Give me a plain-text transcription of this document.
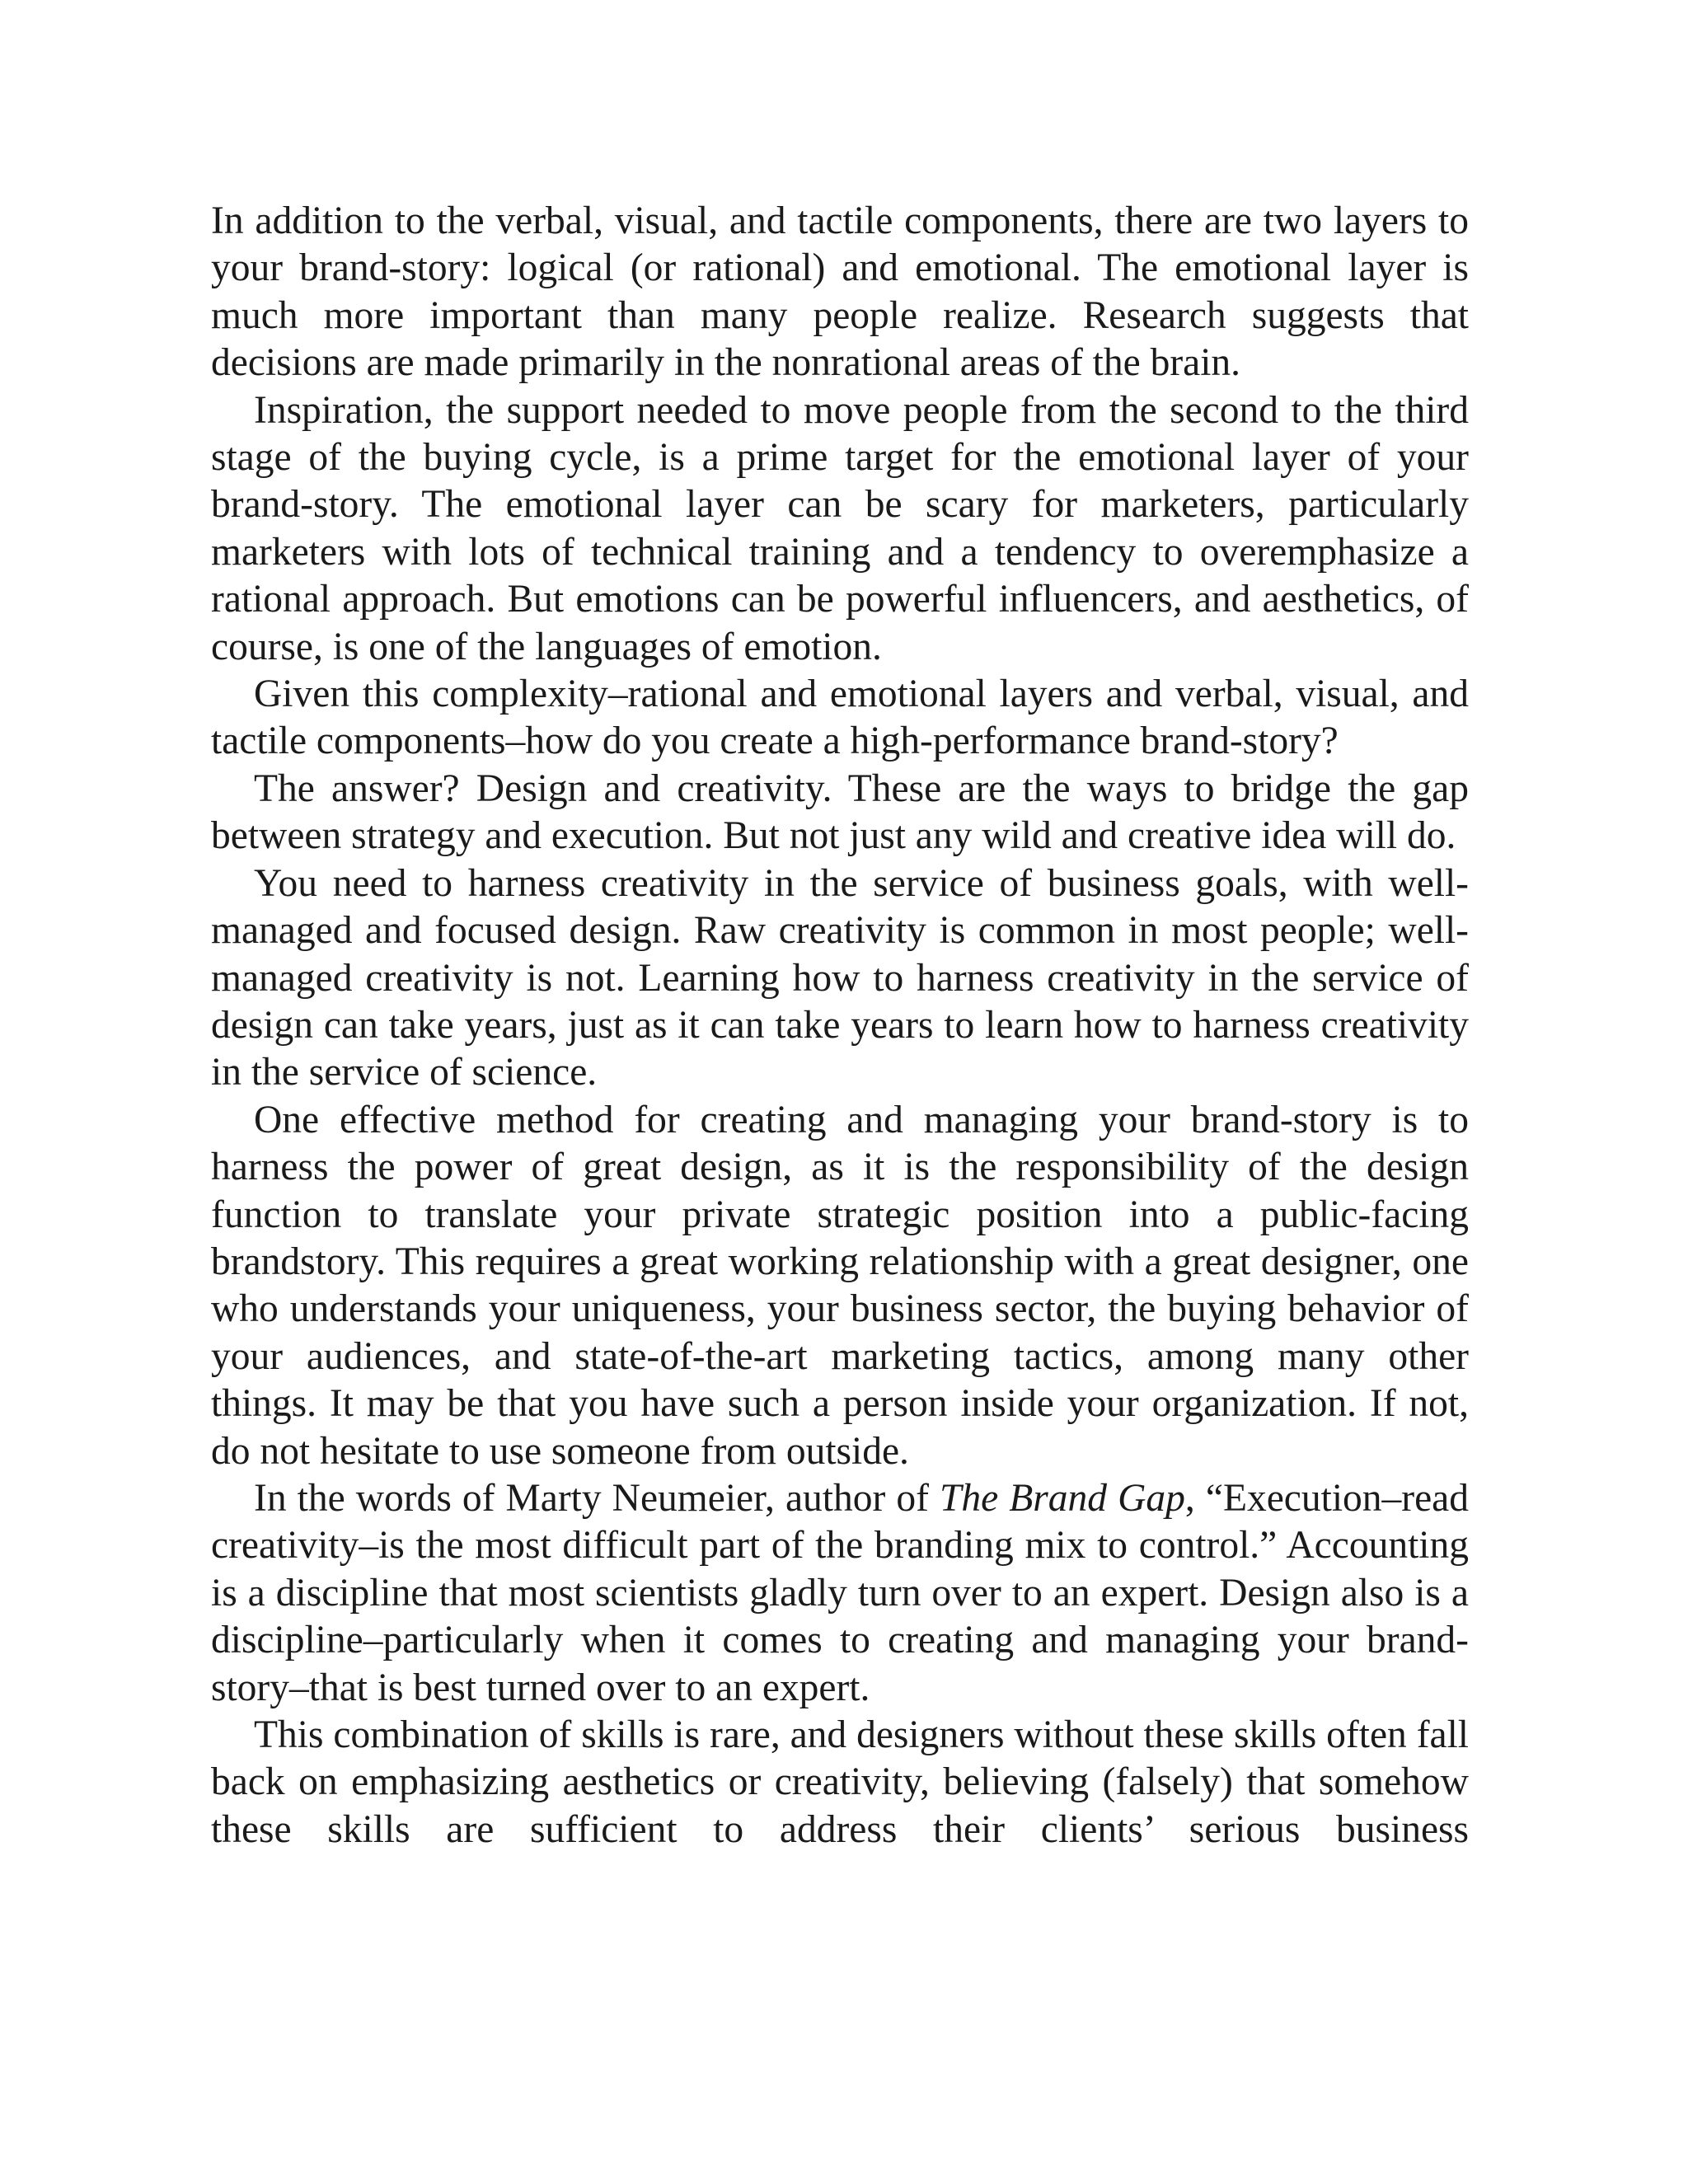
In addition to the verbal, visual, and tactile components, there are two layers to your brand-story: logical (or rational) and emotional. The emotional layer is much more important than many people realize. Research suggests that decisions are made primarily in the nonrational areas of the brain.

Inspiration, the support needed to move people from the second to the third stage of the buying cycle, is a prime target for the emotional layer of your brand-story. The emotional layer can be scary for marketers, particularly marketers with lots of technical training and a tendency to overemphasize a rational approach. But emotions can be powerful influencers, and aesthetics, of course, is one of the languages of emotion.

Given this complexity–rational and emotional layers and verbal, visual, and tactile components–how do you create a high-performance brand-story?

The answer? Design and creativity. These are the ways to bridge the gap between strategy and execution. But not just any wild and creative idea will do.

You need to harness creativity in the service of business goals, with well-managed and focused design. Raw creativity is common in most people; well-managed creativity is not. Learning how to harness creativity in the service of design can take years, just as it can take years to learn how to harness creativity in the service of science.

One effective method for creating and managing your brand-story is to harness the power of great design, as it is the responsibility of the design function to translate your private strategic position into a public-facing brandstory. This requires a great working relationship with a great designer, one who understands your uniqueness, your business sector, the buying behavior of your audiences, and state-of-the-art marketing tactics, among many other things. It may be that you have such a person inside your organization. If not, do not hesitate to use someone from outside.

In the words of Marty Neumeier, author of The Brand Gap, “Execution–read creativity–is the most difficult part of the branding mix to control.” Accounting is a discipline that most scientists gladly turn over to an expert. Design also is a discipline–particularly when it comes to creating and managing your brand-story–that is best turned over to an expert.

This combination of skills is rare, and designers without these skills often fall back on emphasizing aesthetics or creativity, believing (falsely) that somehow these skills are sufficient to address their clients’ serious business
